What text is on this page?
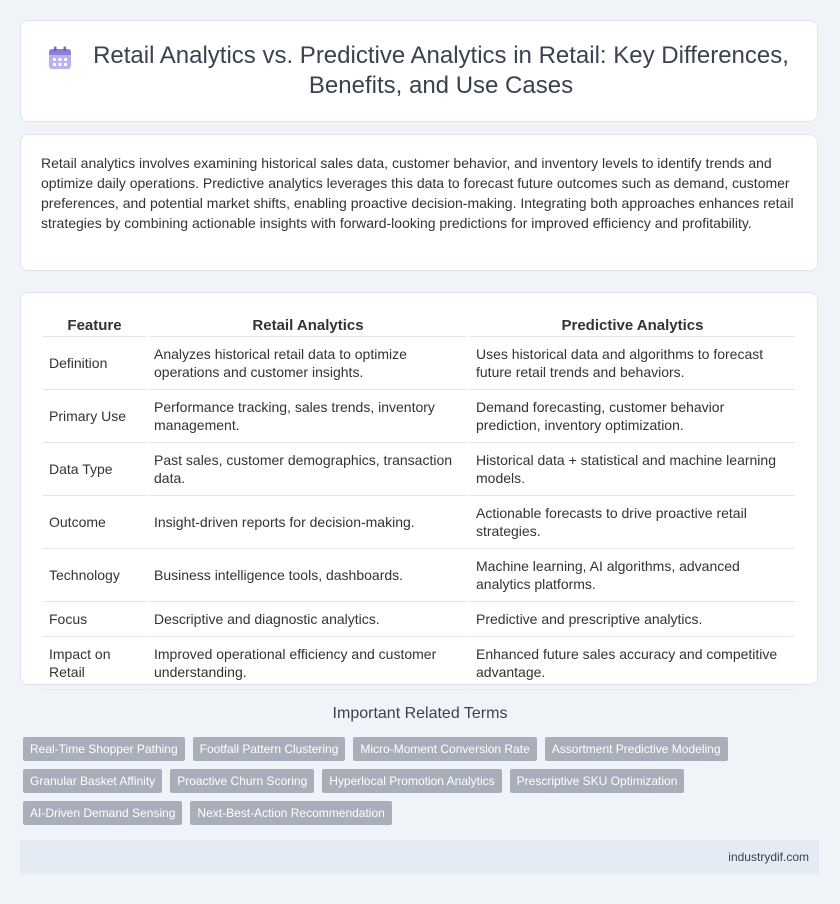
Retail Analytics vs. Predictive Analytics in Retail: Key Differences, Benefits, and Use Cases

Retail analytics involves examining historical sales data, customer behavior, and inventory levels to identify trends and optimize daily operations. Predictive analytics leverages this data to forecast future outcomes such as demand, customer preferences, and potential market shifts, enabling proactive decision-making. Integrating both approaches enhances retail strategies by combining actionable insights with forward-looking predictions for improved efficiency and profitability.

Feature	Retail Analytics	Predictive Analytics
Definition	Analyzes historical retail data to optimize operations and customer insights.	Uses historical data and algorithms to forecast future retail trends and behaviors.
Primary Use	Performance tracking, sales trends, inventory management.	Demand forecasting, customer behavior prediction, inventory optimization.
Data Type	Past sales, customer demographics, transaction data.	Historical data + statistical and machine learning models.
Outcome	Insight-driven reports for decision-making.	Actionable forecasts to drive proactive retail strategies.
Technology	Business intelligence tools, dashboards.	Machine learning, AI algorithms, advanced analytics platforms.
Focus	Descriptive and diagnostic analytics.	Predictive and prescriptive analytics.
Impact on Retail	Improved operational efficiency and customer understanding.	Enhanced future sales accuracy and competitive advantage.
Important Related Terms
Real-Time Shopper Pathing	Footfall Pattern Clustering	Micro-Moment Conversion Rate	Assortment Predictive Modeling
Granular Basket Affinity	Proactive Churn Scoring	Hyperlocal Promotion Analytics	Prescriptive SKU Optimization
AI-Driven Demand Sensing	Next-Best-Action Recommendation
industrydif.com
